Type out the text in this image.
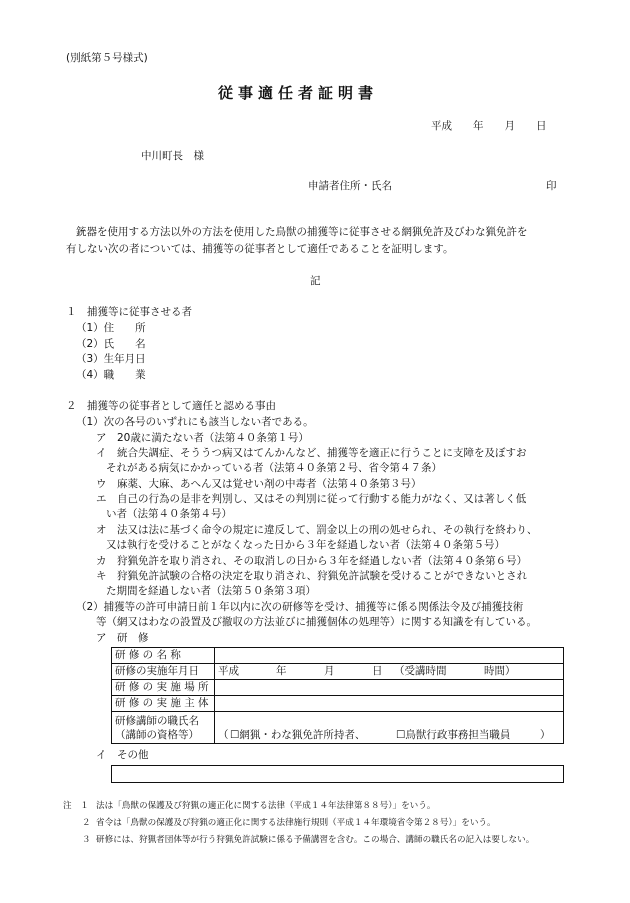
(別紙第５号様式)
従事適任者証明書
平成　　年　　月　　日
中川町長　様
申請者住所・氏名	印
銃器を使用する方法以外の方法を使用した鳥獣の捕獲等に従事させる網猟免許及びわな猟免許を
有しない次の者については、捕獲等の従事者として適任であることを証明します。
記
１　捕獲等に従事させる者
（1）住　　所
（2）氏　　名
（3）生年月日
（4）職　　業
２　捕獲等の従事者として適任と認める事由
（1）次の各号のいずれにも該当しない者である。
ア　20歳に満たない者（法第４０条第１号）
イ　統合失調症、そううつ病又はてんかんなど、捕獲等を適正に行うことに支障を及ぼすお
それがある病気にかかっている者（法第４０条第２号、省令第４７条）
ウ　麻薬、大麻、あへん又は覚せい剤の中毒者（法第４０条第３号）
エ　自己の行為の是非を判別し、又はその判別に従って行動する能力がなく、又は著しく低
い者（法第４０条第４号）
オ　法又は法に基づく命令の規定に違反して、罰金以上の刑の処せられ、その執行を終わり、
又は執行を受けることがなくなった日から３年を経過しない者（法第４０条第５号）
カ　狩猟免許を取り消され、その取消しの日から３年を経過しない者（法第４０条第６号）
キ　狩猟免許試験の合格の決定を取り消され、狩猟免許試験を受けることができないとされ
た期間を経過しない者（法第５０条第３項）
（2）捕獲等の許可申請日前１年以内に次の研修等を受け、捕獲等に係る関係法令及び捕獲技術
等（網又はわなの設置及び撤収の方法並びに捕獲個体の処理等）に関する知識を有している。
ア　研　修
研 修 の 名 称	
研修の実施年月日	平成 年 月 日 （受講時間 時間）
研 修 の 実 施 場 所	
研 修 の 実 施 主 体	
研修講師の職氏名
（講師の資格等）	（ ☐網猟・わな猟免許所持者、 ☐鳥獣行政事務担当職員 ）
イ　その他
注　１ 法は「鳥獣の保護及び狩猟の適正化に関する法律（平成１４年法律第８８号）」をいう。
２ 省令は「鳥獣の保護及び狩猟の適正化に関する法律施行規則（平成１４年環境省令第２８号）」をいう。
３ 研修には、狩猟者団体等が行う狩猟免許試験に係る予備講習を含む。この場合、講師の職氏名の記入は要しない。
